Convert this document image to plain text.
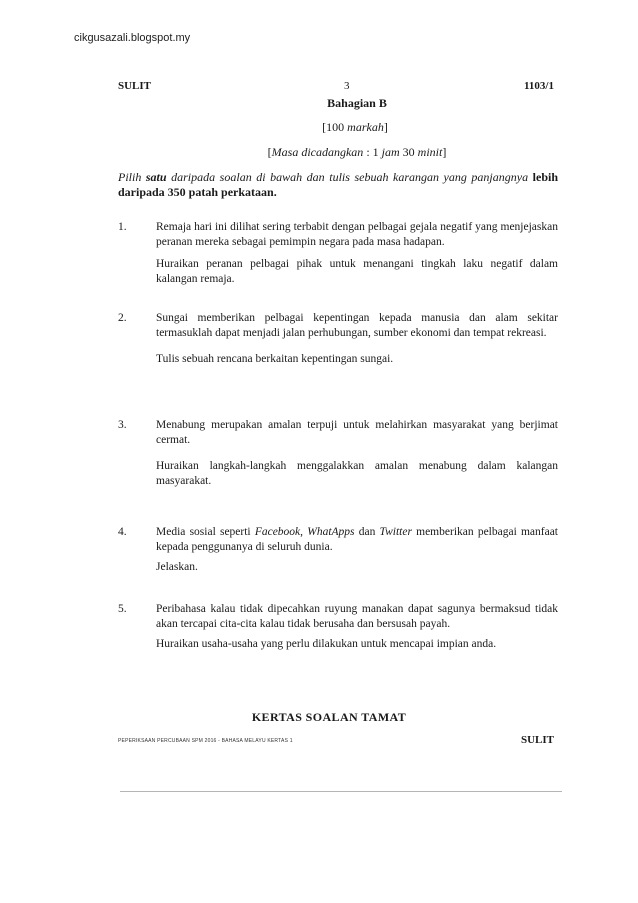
cikgusazali.blogspot.my
SULIT	3	1103/1
Bahagian B
[100 markah]
[Masa dicadangkan : 1 jam 30 minit]
Pilih satu daripada soalan di bawah dan tulis sebuah karangan yang panjangnya lebih daripada 350 patah perkataan.
1.	Remaja hari ini dilihat sering terbabit dengan pelbagai gejala negatif yang menjejaskan peranan mereka sebagai pemimpin negara pada masa hadapan.

Huraikan peranan pelbagai pihak untuk menangani tingkah laku negatif dalam kalangan remaja.

2.	Sungai memberikan pelbagai kepentingan kepada manusia dan alam sekitar termasuklah dapat menjadi jalan perhubungan, sumber ekonomi dan tempat rekreasi.

Tulis sebuah rencana berkaitan kepentingan sungai.

3.	Menabung merupakan amalan terpuji untuk melahirkan masyarakat yang berjimat cermat.

Huraikan langkah-langkah menggalakkan amalan menabung dalam kalangan masyarakat.

4.	Media sosial seperti Facebook, WhatApps dan Twitter memberikan pelbagai manfaat kepada penggunanya di seluruh dunia.

Jelaskan.

5.	Peribahasa kalau tidak dipecahkan ruyung manakan dapat sagunya bermaksud tidak akan tercapai cita-cita kalau tidak berusaha dan bersusah payah.

Huraikan usaha-usaha yang perlu dilakukan untuk mencapai impian anda.

KERTAS SOALAN TAMAT
PEPERIKSAAN PERCUBAAN SPM 2016 - BAHASA MELAYU KERTAS 1	SULIT
